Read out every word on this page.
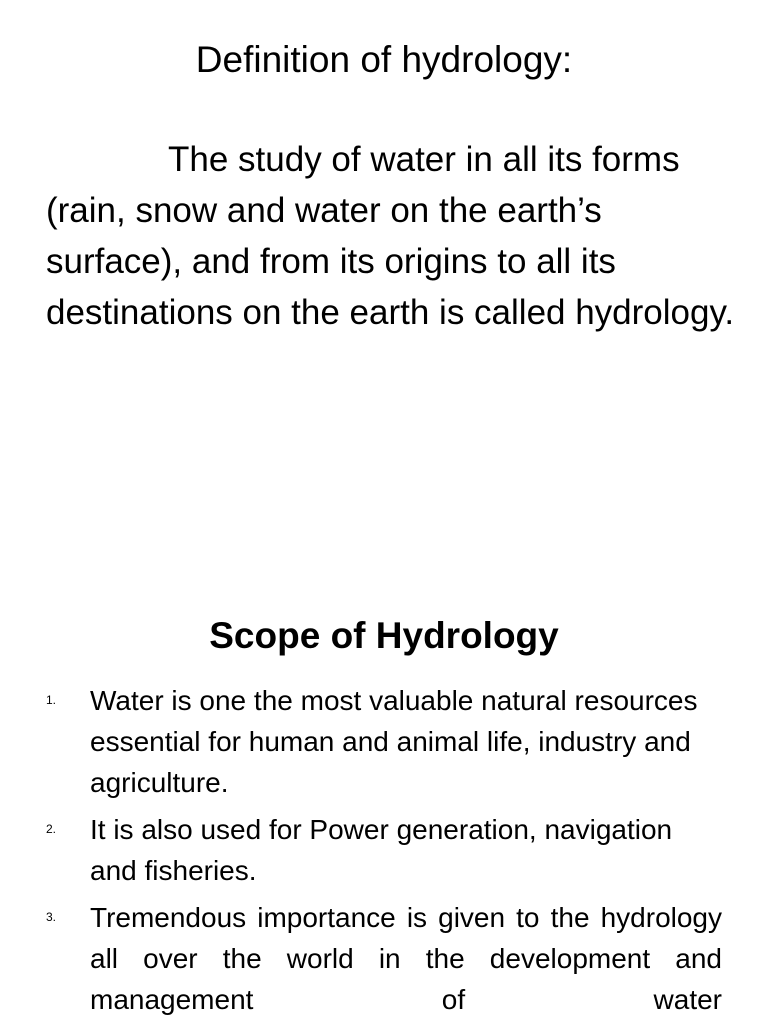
Definition of hydrology:

The study of water in all its forms (rain, snow and water on the earth’s surface), and from its origins to all its destinations on the earth is called hydrology.

Scope of Hydrology
1. Water is one the most valuable natural resources essential for human and animal life, industry and agriculture.
2. It is also used for Power generation, navigation and fisheries.
3. Tremendous importance is given to the hydrology all over the world in the development and management of water
